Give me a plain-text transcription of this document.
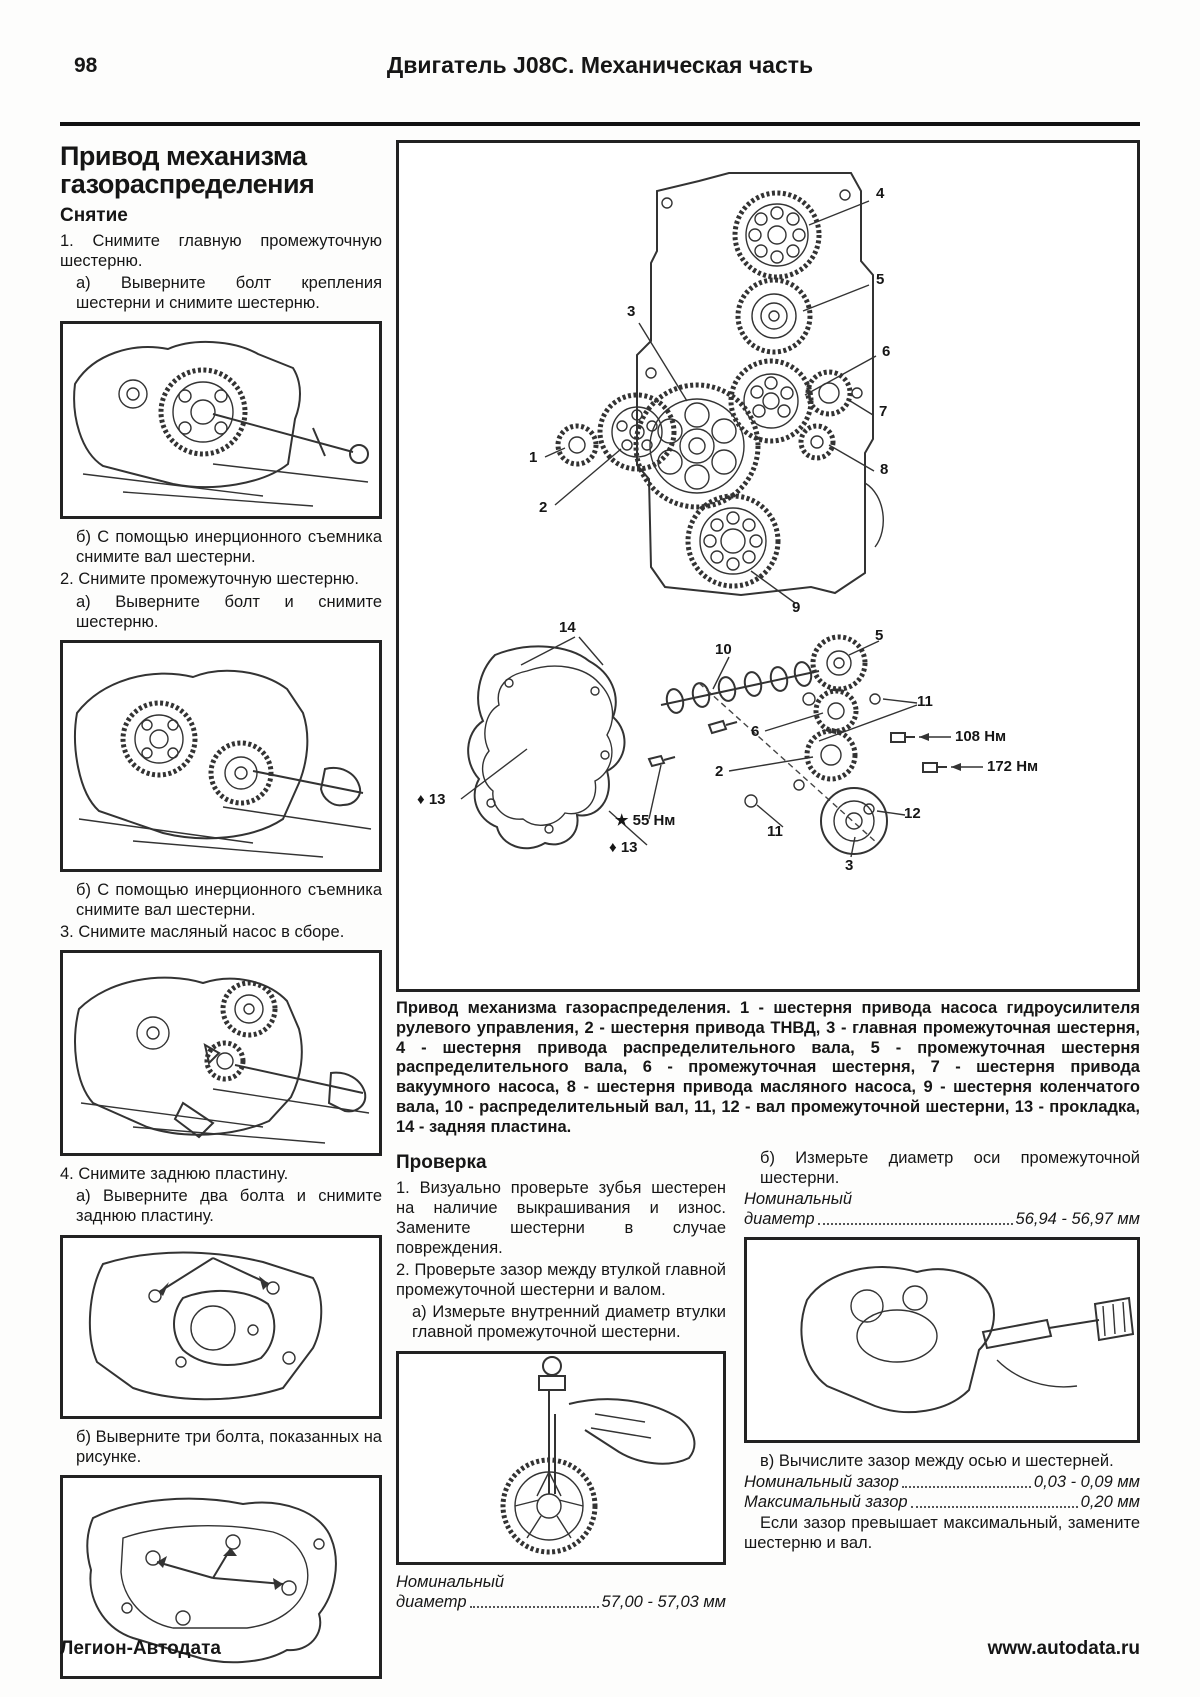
98	Двигатель J08C. Механическая часть

Привод механизма газораспределения
Снятие

1. Снимите главную промежуточную шестерню.

а) Выверните болт крепления шестерни и снимите шестерню.

б) С помощью инерционного съемника снимите вал шестерни.

2. Снимите промежуточную шестерню.

а) Выверните болт и снимите шестерню.

б) С помощью инерционного съемника снимите вал шестерни.

3. Снимите масляный насос в сборе.

4. Снимите заднюю пластину.

а) Выверните два болта и снимите заднюю пластину.

б) Выверните три болта, показанных на рисунке.

4
5
3
6
7
1
8
2
9
14
10
5
11
6	108 Нм
2	172 Нм
♦ 13
★ 55 Нм
♦ 13
11
12
3

Привод механизма газораспределения. 1 - шестерня привода насоса гидроусилителя рулевого управления, 2 - шестерня привода ТНВД, 3 - главная промежуточная шестерня, 4 - шестерня привода распределительного вала, 5 - промежуточная шестерня распределительного вала, 6 - промежуточная шестерня, 7 - шестерня привода вакуумного насоса, 8 - шестерня привода масляного насоса, 9 - шестерня коленчатого вала, 10 - распределительный вал, 11, 12 - вал промежуточной шестерни, 13 - прокладка, 14 - задняя пластина.

Проверка

1. Визуально проверьте зубья шестерен на наличие выкрашивания и износ. Замените шестерни в случае повреждения.

2. Проверьте зазор между втулкой главной промежуточной шестерни и валом.

а) Измерьте внутренний диаметр втулки главной промежуточной шестерни.

Номинальный
диаметр	57,00 - 57,03 мм

б) Измерьте диаметр оси промежуточной шестерни.

Номинальный
диаметр	56,94 - 56,97 мм

в) Вычислите зазор между осью и шестерней.

Номинальный зазор	0,03 - 0,09 мм
Максимальный зазор	0,20 мм

Если зазор превышает максимальный, замените шестерню и вал.

Легион-Автодата	www.autodata.ru
